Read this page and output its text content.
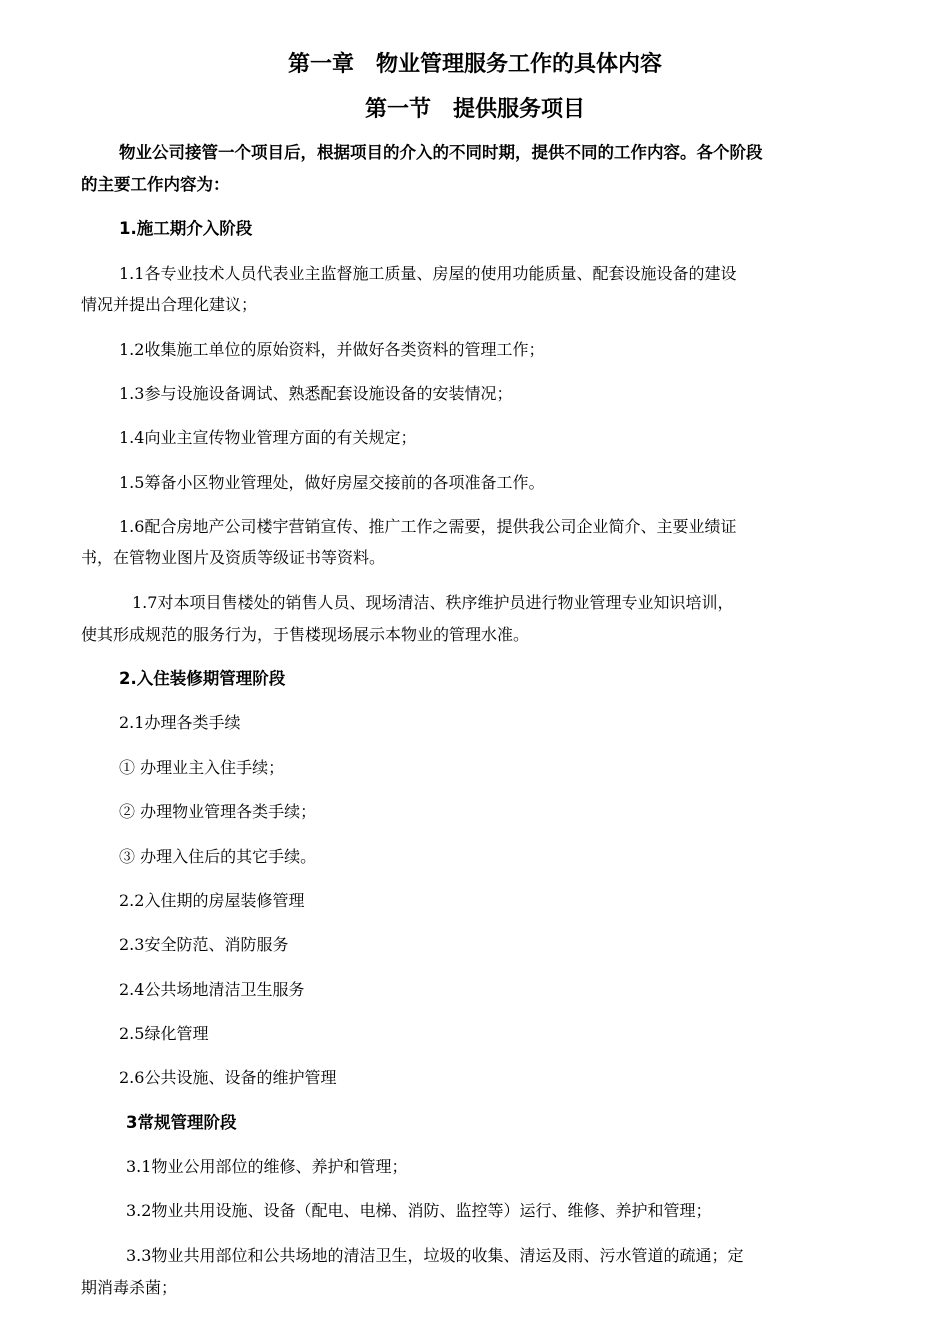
第一章　物业管理服务工作的具体内容
第一节　提供服务项目
物业公司接管一个项目后，根据项目的介入的不同时期，提供不同的工作内容。各个阶段
的主要工作内容为：
1.施工期介入阶段
1.1各专业技术人员代表业主监督施工质量、房屋的使用功能质量、配套设施设备的建设
情况并提出合理化建议；
1.2收集施工单位的原始资料，并做好各类资料的管理工作；
1.3参与设施设备调试、熟悉配套设施设备的安装情况；
1.4向业主宣传物业管理方面的有关规定；
1.5筹备小区物业管理处，做好房屋交接前的各项准备工作。
1.6配合房地产公司楼宇营销宣传、推广工作之需要，提供我公司企业简介、主要业绩证
书，在管物业图片及资质等级证书等资料。
1.7对本项目售楼处的销售人员、现场清洁、秩序维护员进行物业管理专业知识培训，
使其形成规范的服务行为，于售楼现场展示本物业的管理水准。
2.入住装修期管理阶段
2.1办理各类手续
① 办理业主入住手续；
② 办理物业管理各类手续；
③ 办理入住后的其它手续。
2.2入住期的房屋装修管理
2.3安全防范、消防服务
2.4公共场地清洁卫生服务
2.5绿化管理
2.6公共设施、设备的维护管理
3常规管理阶段
3.1物业公用部位的维修、养护和管理；
3.2物业共用设施、设备（配电、电梯、消防、监控等）运行、维修、养护和管理；
3.3物业共用部位和公共场地的清洁卫生，垃圾的收集、清运及雨、污水管道的疏通；定
期消毒杀菌；
